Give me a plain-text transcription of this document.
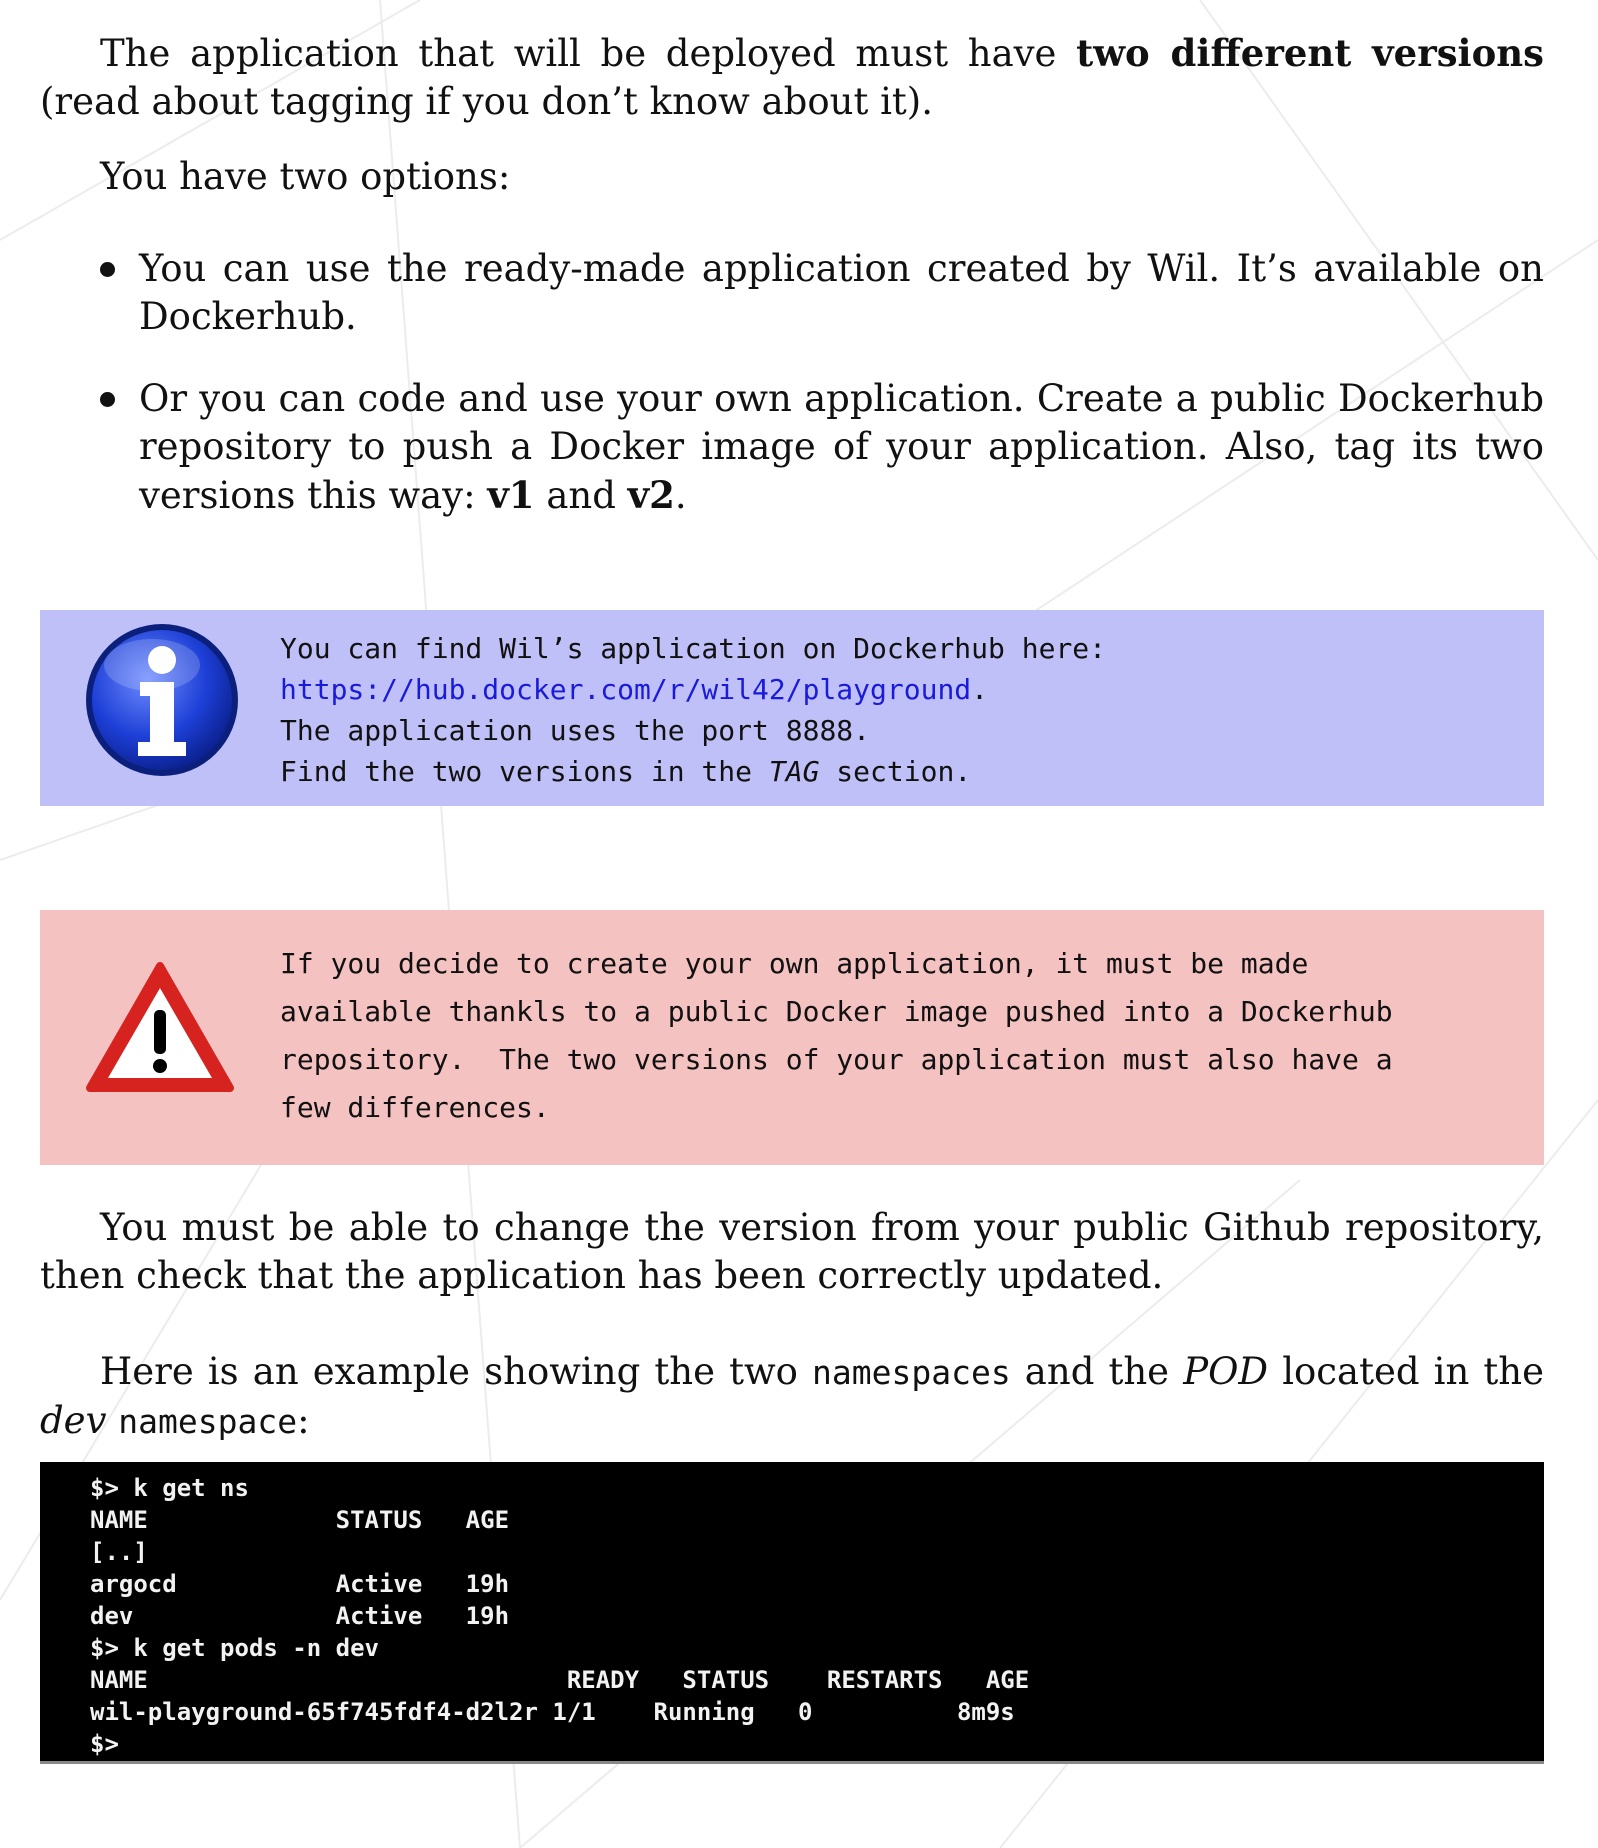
The application that will be deployed must have two different versions (read about tagging if you don’t know about it).

You have two options:

You can use the ready-made application created by Wil. It’s available on Dockerhub.
Or you can code and use your own application. Create a public Dockerhub repository to push a Docker image of your application. Also, tag its two versions this way: v1 and v2.
You can find Wil’s application on Dockerhub here:
https://hub.docker.com/r/wil42/playground.
The application uses the port 8888.
Find the two versions in the TAG section.
If you decide to create your own application, it must be made
available thankls to a public Docker image pushed into a Dockerhub
repository.  The two versions of your application must also have a
few differences.

You must be able to change the version from your public Github repository, then check that the application has been correctly updated.

Here is an example showing the two namespaces and the POD located in the dev namespace:

$> k get ns
NAME             STATUS   AGE
[..]
argocd           Active   19h
dev              Active   19h
$> k get pods -n dev
NAME                             READY   STATUS    RESTARTS   AGE
wil-playground-65f745fdf4-d2l2r 1/1    Running   0          8m9s
$>
